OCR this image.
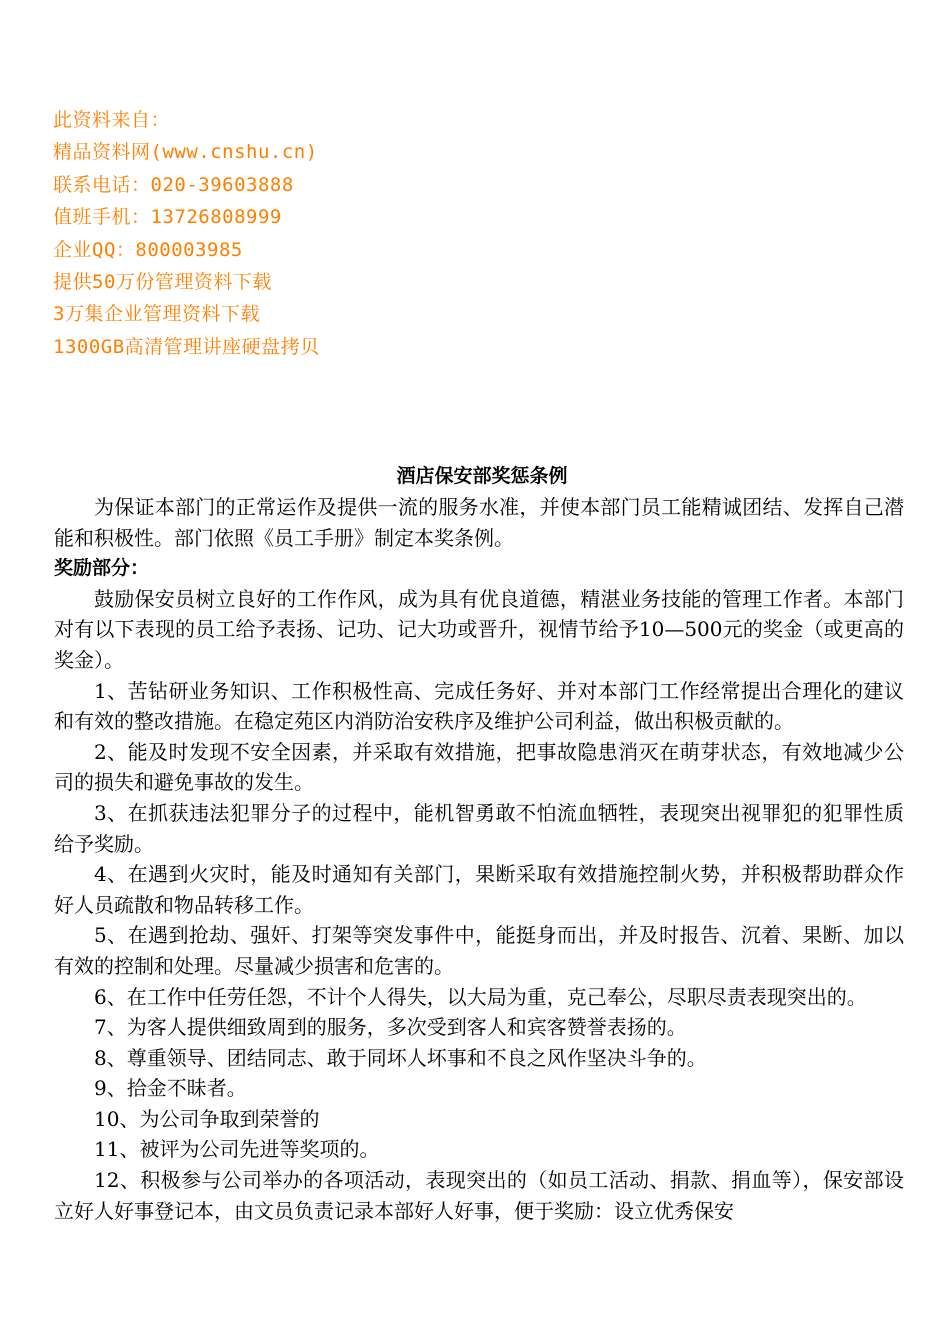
此资料来自：
精品资料网(www.cnshu.cn)
联系电话：020-39603888
值班手机：13726808999
企业QQ：800003985
提供50万份管理资料下载
3万集企业管理资料下载
1300GB高清管理讲座硬盘拷贝
酒店保安部奖惩条例

为保证本部门的正常运作及提供一流的服务水准，并使本部门员工能精诚团结、发挥自己潜能和积极性。部门依照《员工手册》制定本奖条例。

奖励部分：

鼓励保安员树立良好的工作作风，成为具有优良道德，精湛业务技能的管理工作者。本部门对有以下表现的员工给予表扬、记功、记大功或晋升，视情节给予10—500元的奖金（或更高的奖金）。

1、苦钻研业务知识、工作积极性高、完成任务好、并对本部门工作经常提出合理化的建议和有效的整改措施。在稳定苑区内消防治安秩序及维护公司利益，做出积极贡献的。

2、能及时发现不安全因素，并采取有效措施，把事故隐患消灭在萌芽状态，有效地减少公司的损失和避免事故的发生。

3、在抓获违法犯罪分子的过程中，能机智勇敢不怕流血牺牲，表现突出视罪犯的犯罪性质给予奖励。

4、在遇到火灾时，能及时通知有关部门，果断采取有效措施控制火势，并积极帮助群众作好人员疏散和物品转移工作。

5、在遇到抢劫、强奸、打架等突发事件中，能挺身而出，并及时报告、沉着、果断、加以有效的控制和处理。尽量减少损害和危害的。

6、在工作中任劳任怨，不计个人得失，以大局为重，克己奉公，尽职尽责表现突出的。

7、为客人提供细致周到的服务，多次受到客人和宾客赞誉表扬的。

8、尊重领导、团结同志、敢于同坏人坏事和不良之风作坚决斗争的。

9、拾金不昧者。

10、为公司争取到荣誉的

11、被评为公司先进等奖项的。

12、积极参与公司举办的各项活动，表现突出的（如员工活动、捐款、捐血等），保安部设立好人好事登记本，由文员负责记录本部好人好事，便于奖励：设立优秀保安
